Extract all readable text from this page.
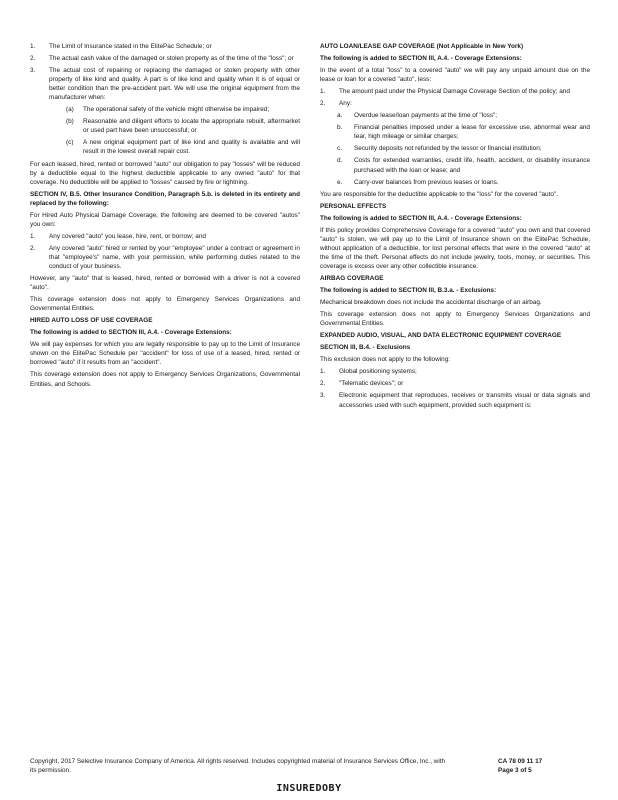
1.	The Limit of Insurance stated in the ElitePac Schedule; or
2.	The actual cash value of the damaged or stolen property as of the time of the "loss"; or
3.	The actual cost of repairing or replacing the damaged or stolen property with other property of like kind and quality. A part is of like kind and quality when it is of equal or better condition than the pre-accident part. We will use the original equipment from the manufacturer when:
(a)	The operational safety of the vehicle might otherwise be impaired;
(b)	Reasonable and diligent efforts to locate the appropriate rebuilt, aftermarket or used part have been unsuccessful; or
(c)	A new original equipment part of like kind and quality is available and will result in the lowest overall repair cost.

For each leased, hired, rented or borrowed "auto" our obligation to pay "losses" will be reduced by a deductible equal to the highest deductible applicable to any owned "auto" for that coverage. No deductible will be applied to "losses" caused by fire or lightning.

SECTION IV, B.5. Other Insurance Condition, Paragraph 5.b. is deleted in its entirety and replaced by the following:

For Hired Auto Physical Damage Coverage, the following are deemed to be covered "autos" you own:

1.	Any covered "auto" you lease, hire, rent, or borrow; and
2.	Any covered "auto" hired or rented by your "employee" under a contract or agreement in that "employee's" name, with your permission, while performing duties related to the conduct of your business.

However, any "auto" that is leased, hired, rented or borrowed with a driver is not a covered "auto".

This coverage extension does not apply to Emergency Services Organizations and Governmental Entities.

HIRED AUTO LOSS OF USE COVERAGE

The following is added to SECTION III, A.4. - Coverage Extensions:

We will pay expenses for which you are legally responsible to pay up to the Limit of Insurance shown on the ElitePac Schedule per "accident" for loss of use of a leased, hired, rented or borrowed "auto" if it results from an "accident".

This coverage extension does not apply to Emergency Services Organizations, Governmental Entities, and Schools.

AUTO LOAN/LEASE GAP COVERAGE (Not Applicable in New York)

The following is added to SECTION III, A.4. - Coverage Extensions:

In the event of a total "loss" to a covered "auto" we will pay any unpaid amount due on the lease or loan for a covered "auto", less:

1.	The amount paid under the Physical Damage Coverage Section of the policy; and
2.	Any:
a.	Overdue lease/loan payments at the time of "loss";
b.	Financial penalties imposed under a lease for excessive use, abnormal wear and tear, high mileage or similar charges;
c.	Security deposits not refunded by the lessor or financial institution;
d.	Costs for extended warranties, credit life, health, accident, or disability insurance purchased with the loan or lease; and
e.	Carry-over balances from previous leases or loans.

You are responsible for the deductible applicable to the "loss" for the covered "auto".

PERSONAL EFFECTS

The following is added to SECTION III, A.4. - Coverage Extensions:

If this policy provides Comprehensive Coverage for a covered "auto" you own and that covered "auto" is stolen, we will pay up to the Limit of Insurance shown on the ElitePac Schedule, without application of a deductible, for lost personal effects that were in the covered "auto" at the time of the theft. Personal effects do not include jewelry, tools, money, or securities. This coverage is excess over any other collectible insurance.

AIRBAG COVERAGE

The following is added to SECTION III, B.3.a. - Exclusions:

Mechanical breakdown does not include the accidental discharge of an airbag.

This coverage extension does not apply to Emergency Services Organizations and Governmental Entities.

EXPANDED AUDIO, VISUAL, AND DATA ELECTRONIC EQUIPMENT COVERAGE

SECTION III, B.4. - Exclusions

This exclusion does not apply to the following:

1.	Global positioning systems;
2.	"Telematic devices"; or
3.	Electronic equipment that reproduces, receives or transmits visual or data signals and accessories used with such equipment, provided such equipment is:
Copyright, 2017 Selective Insurance Company of America. All rights reserved. Includes copyrighted material of Insurance Services Office, Inc., with its permission.
CA 78 09 11 17
Page 3 of 5
INSUREDOBY
